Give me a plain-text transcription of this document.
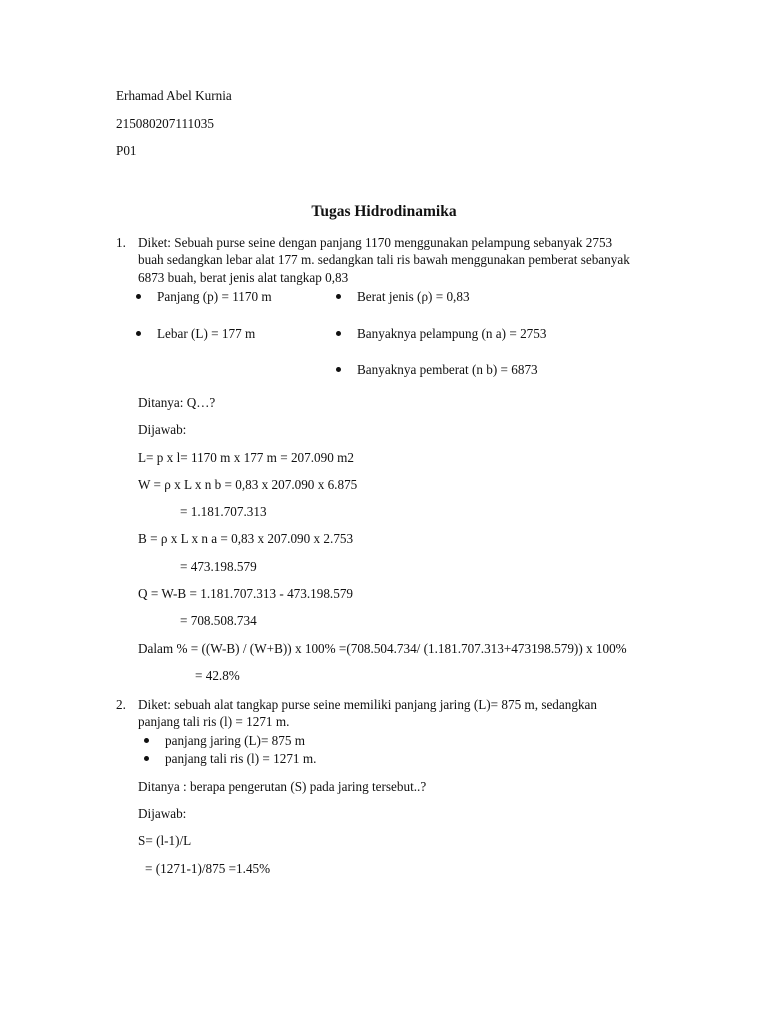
Erhamad Abel Kurnia
215080207111035
P01
Tugas Hidrodinamika
1. Diket: Sebuah purse seine dengan panjang 1170 menggunakan pelampung sebanyak 2753
buah sedangkan lebar alat 177 m. sedangkan tali ris bawah menggunakan pemberat sebanyak
6873 buah, berat jenis alat tangkap 0,83
Panjang (p) = 1170 m	Berat jenis (ρ) = 0,83
Lebar (L) = 177 m	Banyaknya pelampung (n a) = 2753
Banyaknya pemberat (n b) = 6873
Ditanya: Q…?
Dijawab:
L= p x l= 1170 m x 177 m = 207.090 m2
W = ρ x L x n b = 0,83 x 207.090 x 6.875
= 1.181.707.313
B = ρ x L x n a = 0,83 x 207.090 x 2.753
= 473.198.579
Q = W-B = 1.181.707.313 - 473.198.579
= 708.508.734
Dalam % = ((W-B) / (W+B)) x 100% =(708.504.734/ (1.181.707.313+473198.579)) x 100%
= 42.8%
2. Diket: sebuah alat tangkap purse seine memiliki panjang jaring (L)= 875 m, sedangkan
panjang tali ris (l) = 1271 m.
panjang jaring (L)= 875 m
panjang tali ris (l) = 1271 m.
Ditanya : berapa pengerutan (S) pada jaring tersebut..?
Dijawab:
S= (l-1)/L
= (1271-1)/875 =1.45%
